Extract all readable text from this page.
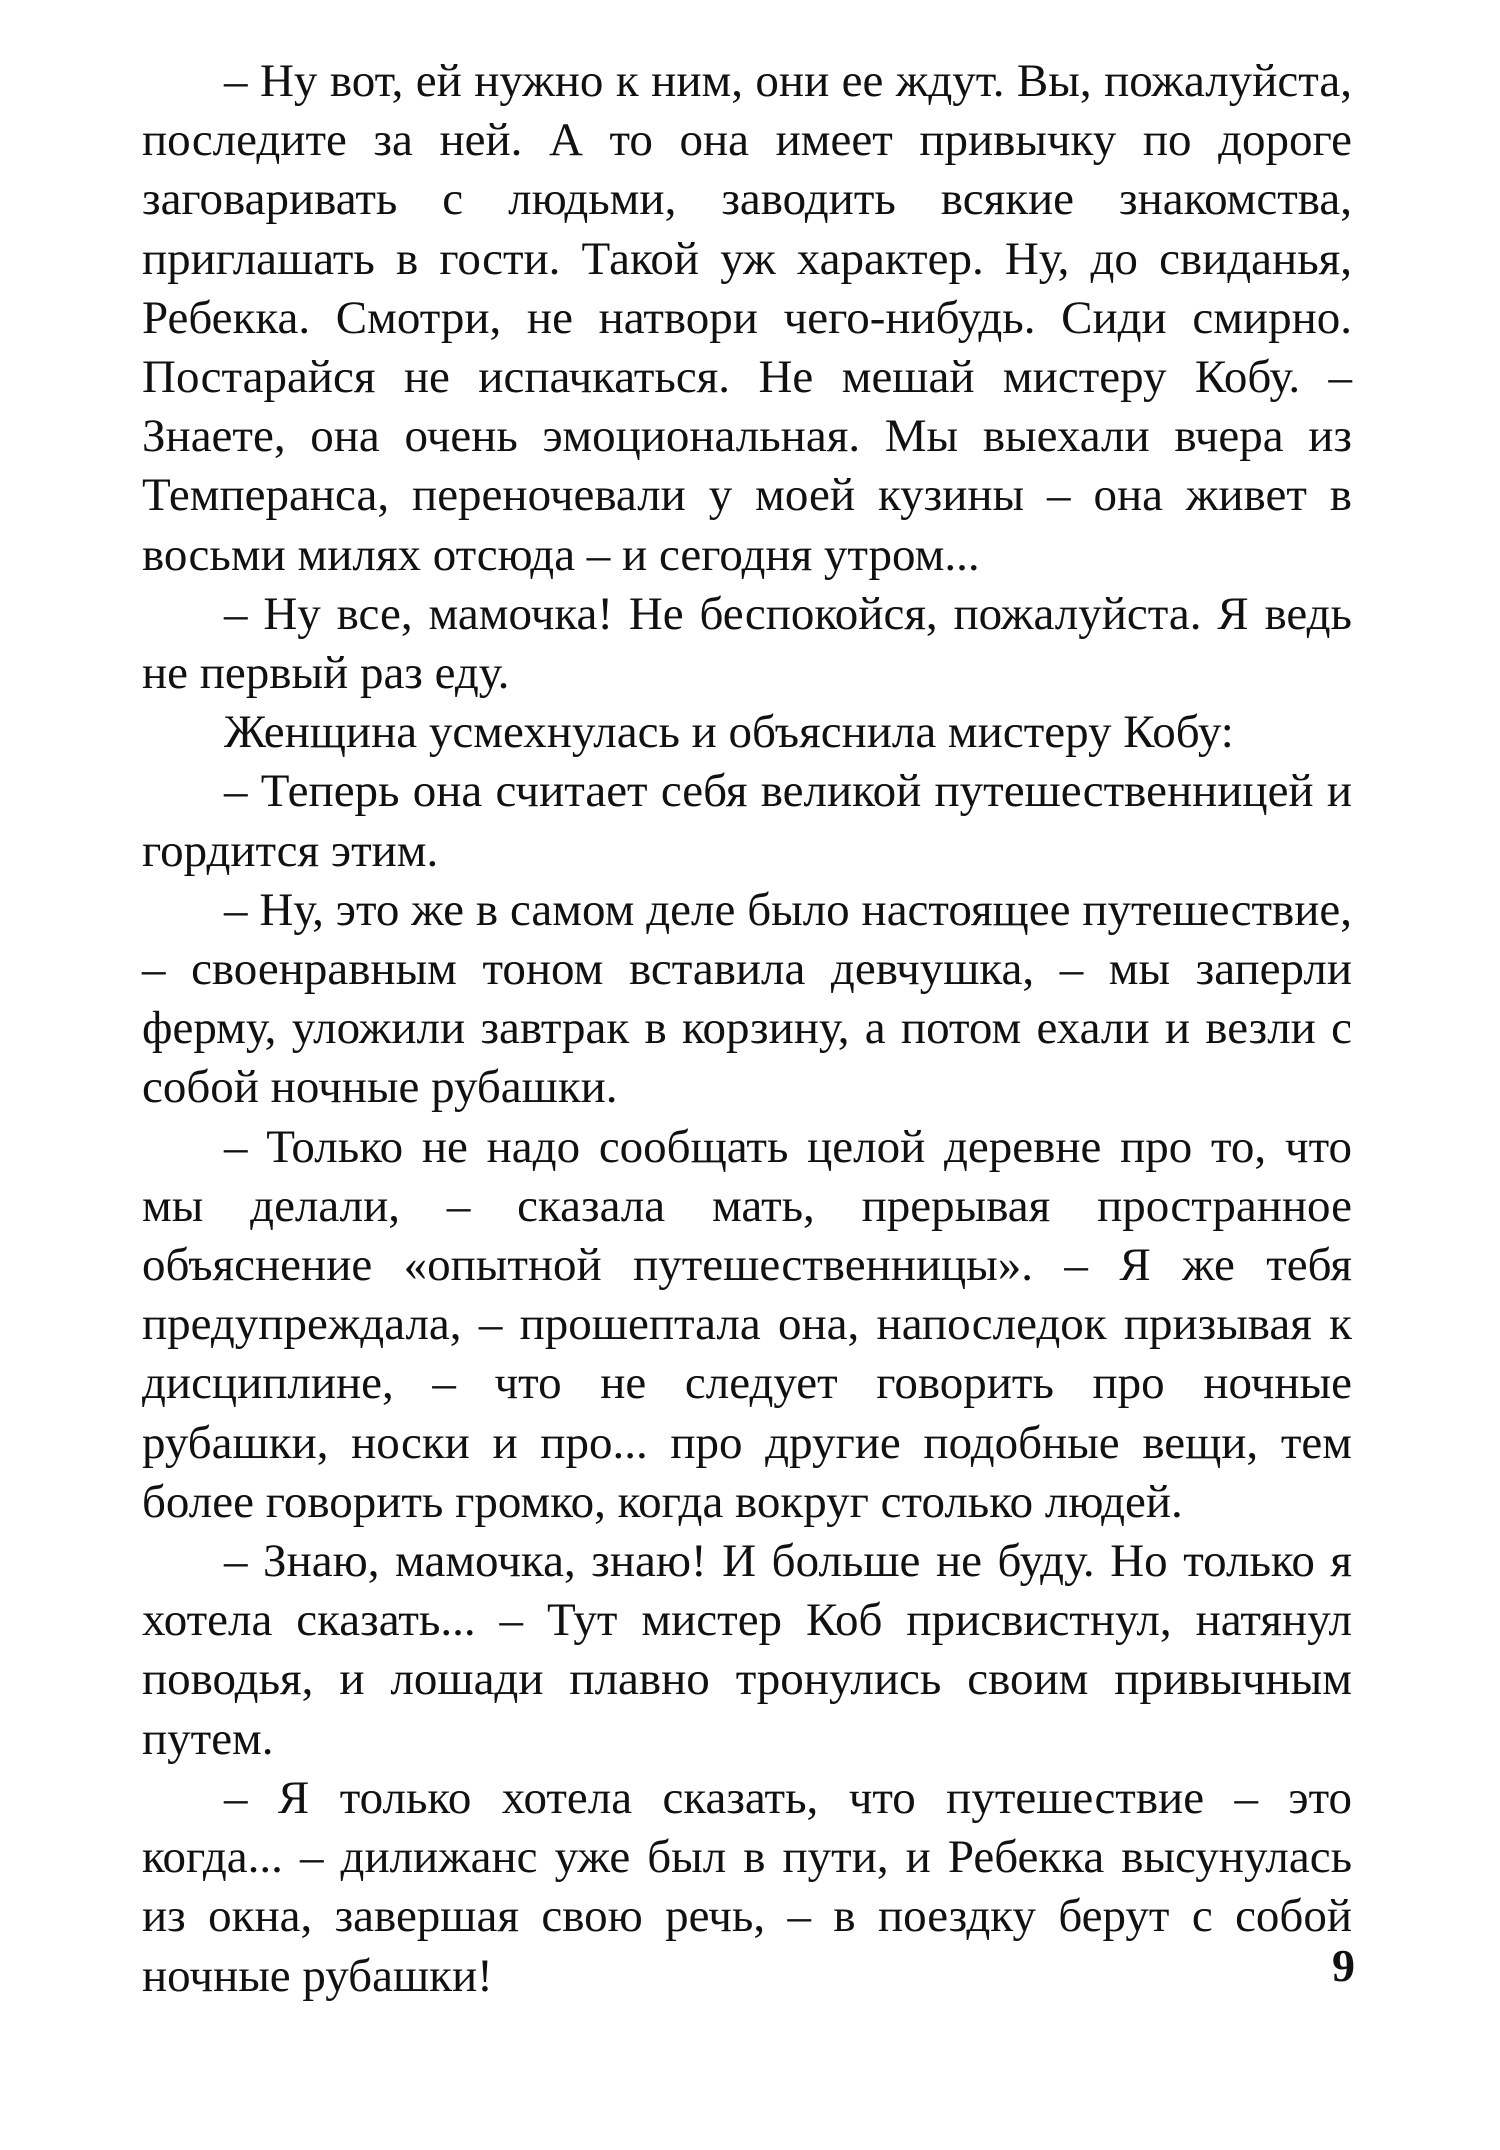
– Ну вот, ей нужно к ним, они ее ждут. Вы, пожалуйста, последите за ней. А то она имеет привычку по дороге заговаривать с людьми, заводить всякие знакомства, приглашать в гости. Такой уж характер. Ну, до свиданья, Ребекка. Смотри, не натвори чего-нибудь. Сиди смирно. Постарайся не испачкаться. Не мешай мистеру Кобу. – Знаете, она очень эмоциональная. Мы выехали вчера из Темперанса, переночевали у моей кузины – она живет в восьми милях отсюда – и сегодня утром...

– Ну все, мамочка! Не беспокойся, пожалуйста. Я ведь не первый раз еду.

Женщина усмехнулась и объяснила мистеру Кобу:

– Теперь она считает себя великой путешественницей и гордится этим.

– Ну, это же в самом деле было настоящее путешествие, – своенравным тоном вставила девчушка, – мы заперли ферму, уложили завтрак в корзину, а потом ехали и везли с собой ночные рубашки.

– Только не надо сообщать целой деревне про то, что мы делали, – сказала мать, прерывая пространное объяснение «опытной путешественницы». – Я же тебя предупреждала, – прошептала она, напоследок призывая к дисциплине, – что не следует говорить про ночные рубашки, носки и про... про другие подобные вещи, тем более говорить громко, когда вокруг столько людей.

– Знаю, мамочка, знаю! И больше не буду. Но только я хотела сказать... – Тут мистер Коб присвистнул, натянул поводья, и лошади плавно тронулись своим привычным путем.

– Я только хотела сказать, что путешествие – это когда... – дилижанс уже был в пути, и Ребекка высунулась из окна, завершая свою речь, – в поездку берут с собой ночные рубашки!	9
